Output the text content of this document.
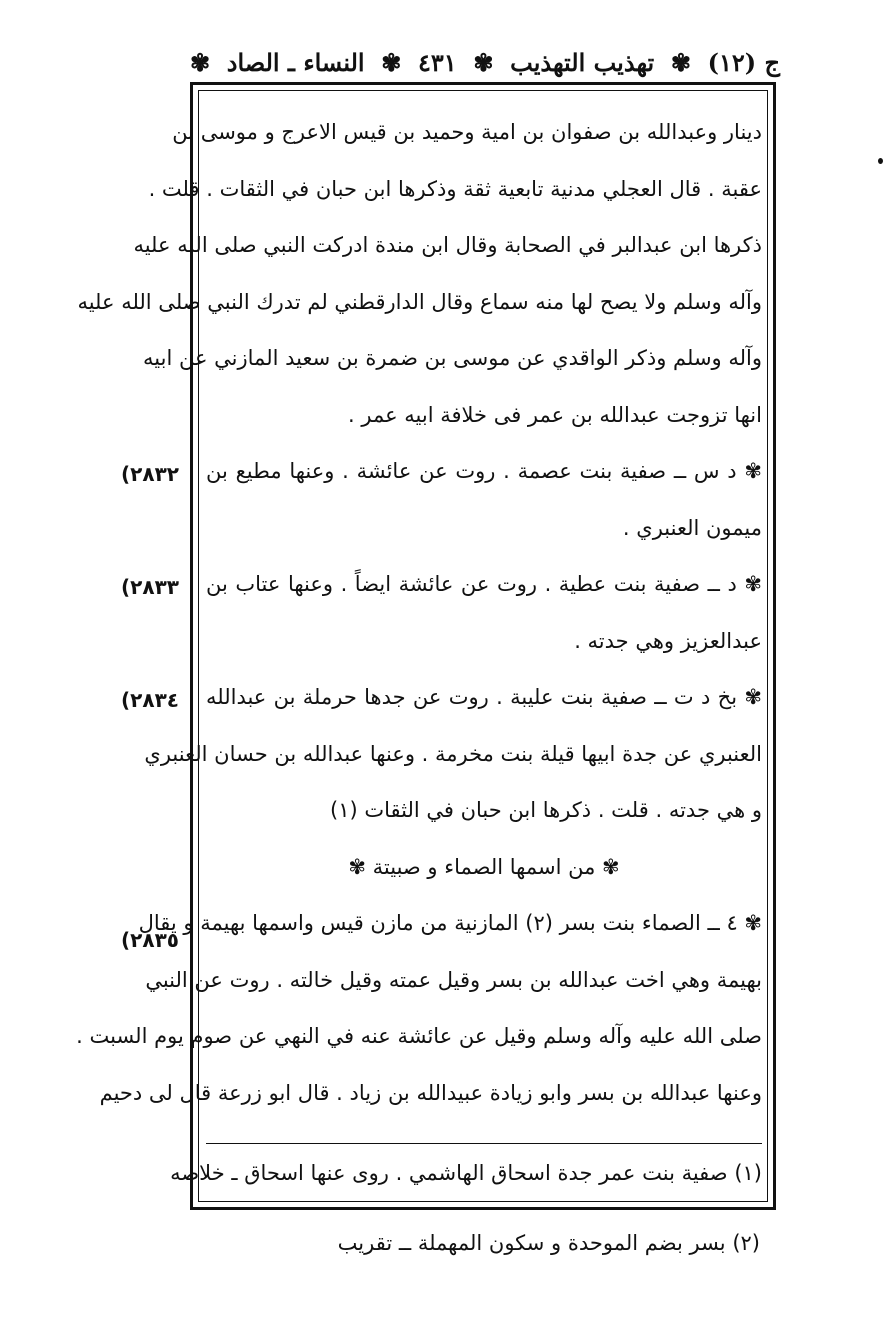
ج (١٢)
✾
تهذيب التهذيب
✾
٤٣١
✾
النساء ـ الصاد
✾
دينار وعبدالله بن صفوان بن امية وحميد بن قيس الاعرج و موسى بن
عقبة . قال العجلي مدنية تابعية ثقة وذكرها ابن حبان في الثقات . قلت .
ذكرها ابن عبدالبر في الصحابة وقال ابن مندة ادركت النبي صلى الله عليه
وآله وسلم ولا يصح لها منه سماع وقال الدارقطني لم تدرك النبي صلى الله عليه
وآله وسلم وذكر الواقدي عن موسى بن ضمرة بن سعيد المازني عن ابيه
انها تزوجت عبدالله بن عمر فى خلافة ابيه عمر .
✾ د س ــ صفية بنت عصمة . روت عن عائشة . وعنها مطيع بن
ميمون العنبري .
✾ د ــ صفية بنت عطية . روت عن عائشة ايضاً . وعنها عتاب بن
عبدالعزيز وهي جدته .
✾ بخ د ت ــ صفية بنت عليبة . روت عن جدها حرملة بن عبدالله
العنبري عن جدة ابيها قيلة بنت مخرمة . وعنها عبدالله بن حسان العنبري
و هي جدته . قلت . ذكرها ابن حبان في الثقات (١)
✾ من اسمها الصماء و صبيتة ✾
✾ ٤ ــ الصماء بنت بسر (٢) المازنية من مازن قيس واسمها بهيمة و يقال
بهيمة وهي اخت عبدالله بن بسر وقيل عمته وقيل خالته . روت عن النبي
صلى الله عليه وآله وسلم وقيل عن عائشة عنه في النهي عن صوم يوم السبت .
وعنها عبدالله بن بسر وابو زيادة عبيدالله بن زياد . قال ابو زرعة قال لى دحيم
(٢٨٣٢
(٢٨٣٣
(٢٨٣٤
(٢٨٣٥
(١) صفية بنت عمر جدة اسحاق الهاشمي . روى عنها اسحاق ـ خلاصه
(٢) بسر بضم الموحدة و سكون المهملة ــ تقريب
